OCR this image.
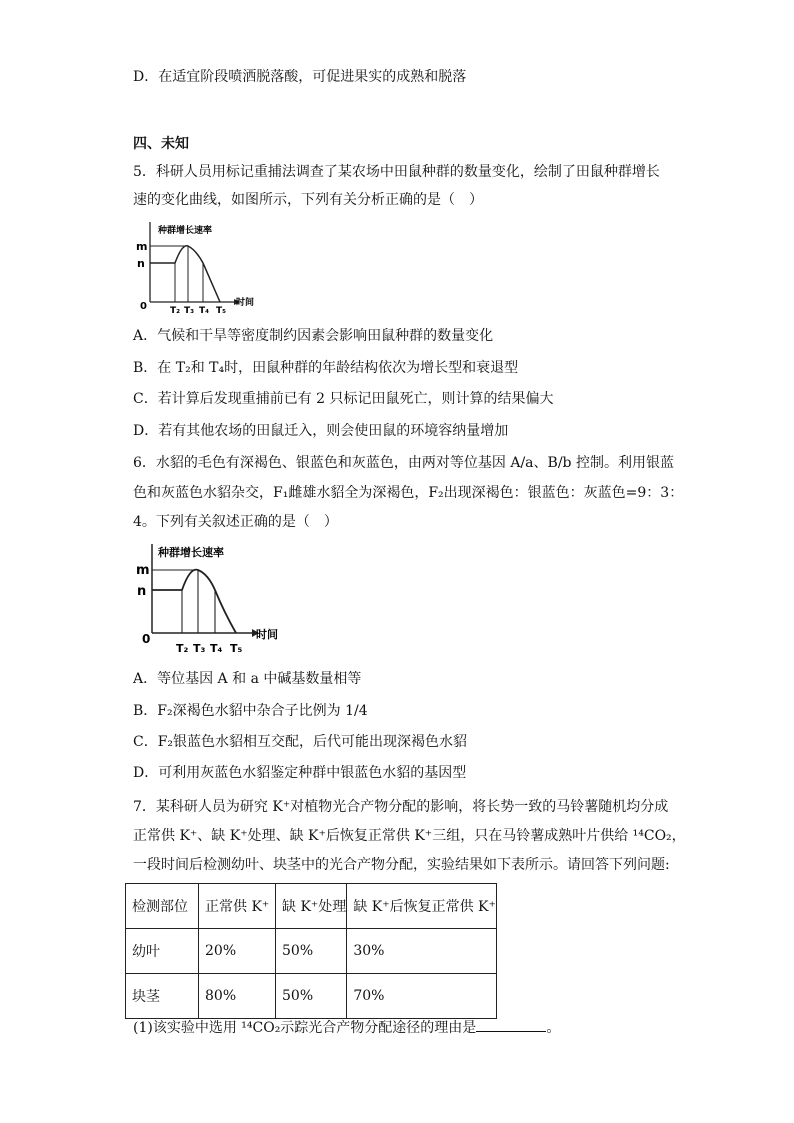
D．在适宜阶段喷洒脱落酸，可促进果实的成熟和脱落
四、未知
5．科研人员用标记重捕法调查了某农场中田鼠种群的数量变化，绘制了田鼠种群增长
速的变化曲线，如图所示，下列有关分析正确的是（　）
种群增长速率
m
n
0	T₂ T₃ T₄ T₅
时间
A．气候和干旱等密度制约因素会影响田鼠种群的数量变化
B．在 T₂和 T₄时，田鼠种群的年龄结构依次为增长型和衰退型
C．若计算后发现重捕前已有 2 只标记田鼠死亡，则计算的结果偏大
D．若有其他农场的田鼠迁入，则会使田鼠的环境容纳量增加
6．水貂的毛色有深褐色、银蓝色和灰蓝色，由两对等位基因 A/a、B/b 控制。利用银蓝
色和灰蓝色水貂杂交，F₁雌雄水貂全为深褐色，F₂出现深褐色：银蓝色：灰蓝色=9：3：
4。下列有关叙述正确的是（　）
种群增长速率
m
n
0
T₂ T₃ T₄ T₅
时间
A．等位基因 A 和 a 中碱基数量相等
B．F₂深褐色水貂中杂合子比例为 1/4
C．F₂银蓝色水貂相互交配，后代可能出现深褐色水貂
D．可利用灰蓝色水貂鉴定种群中银蓝色水貂的基因型
7．某科研人员为研究 K⁺对植物光合产物分配的影响，将长势一致的马铃薯随机均分成
正常供 K⁺、缺 K⁺处理、缺 K⁺后恢复正常供 K⁺三组，只在马铃薯成熟叶片供给 ¹⁴CO₂，
一段时间后检测幼叶、块茎中的光合产物分配，实验结果如下表所示。请回答下列问题:
检测部位	正常供 K⁺	缺 K⁺处理	缺 K⁺后恢复正常供 K⁺
幼叶	20%	50%	30%
块茎	80%	50%	70%
(1)该实验中选用 ¹⁴CO₂示踪光合产物分配途径的理由是	。
